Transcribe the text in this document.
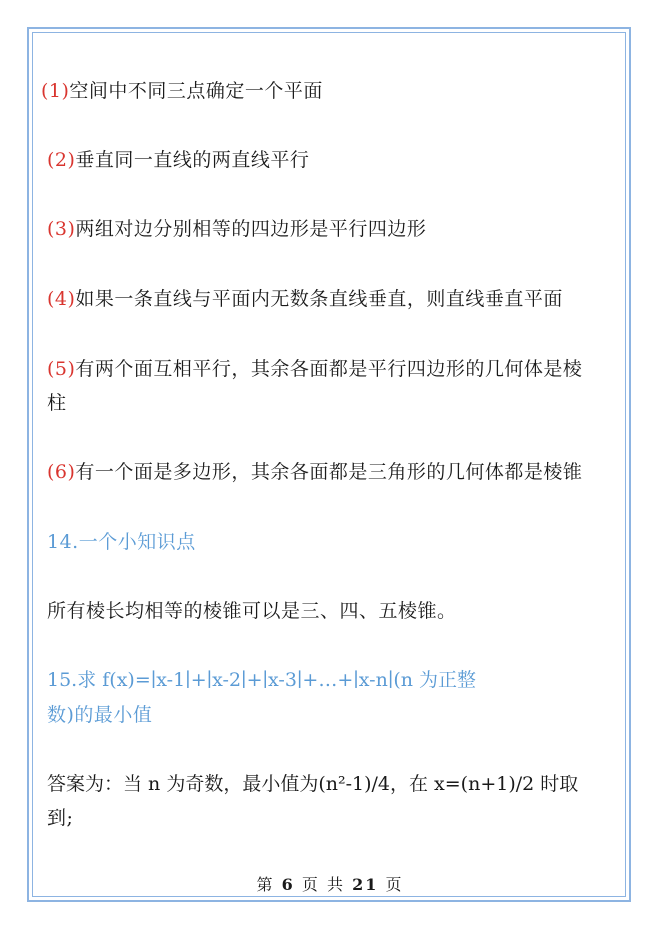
(1)空间中不同三点确定一个平面
(2)垂直同一直线的两直线平行
(3)两组对边分别相等的四边形是平行四边形
(4)如果一条直线与平面内无数条直线垂直，则直线垂直平面
(5)有两个面互相平行，其余各面都是平行四边形的几何体是棱
柱
(6)有一个面是多边形，其余各面都是三角形的几何体都是棱锥
14.一个小知识点
所有棱长均相等的棱锥可以是三、四、五棱锥。
15.求 f(x)=∣x-1∣+∣x-2∣+∣x-3∣+…+∣x-n∣(n 为正整
数)的最小值
答案为：当 n 为奇数，最小值为(n²-1)/4，在 x=(n+1)/2 时取
到;
第 6 页 共 21 页
